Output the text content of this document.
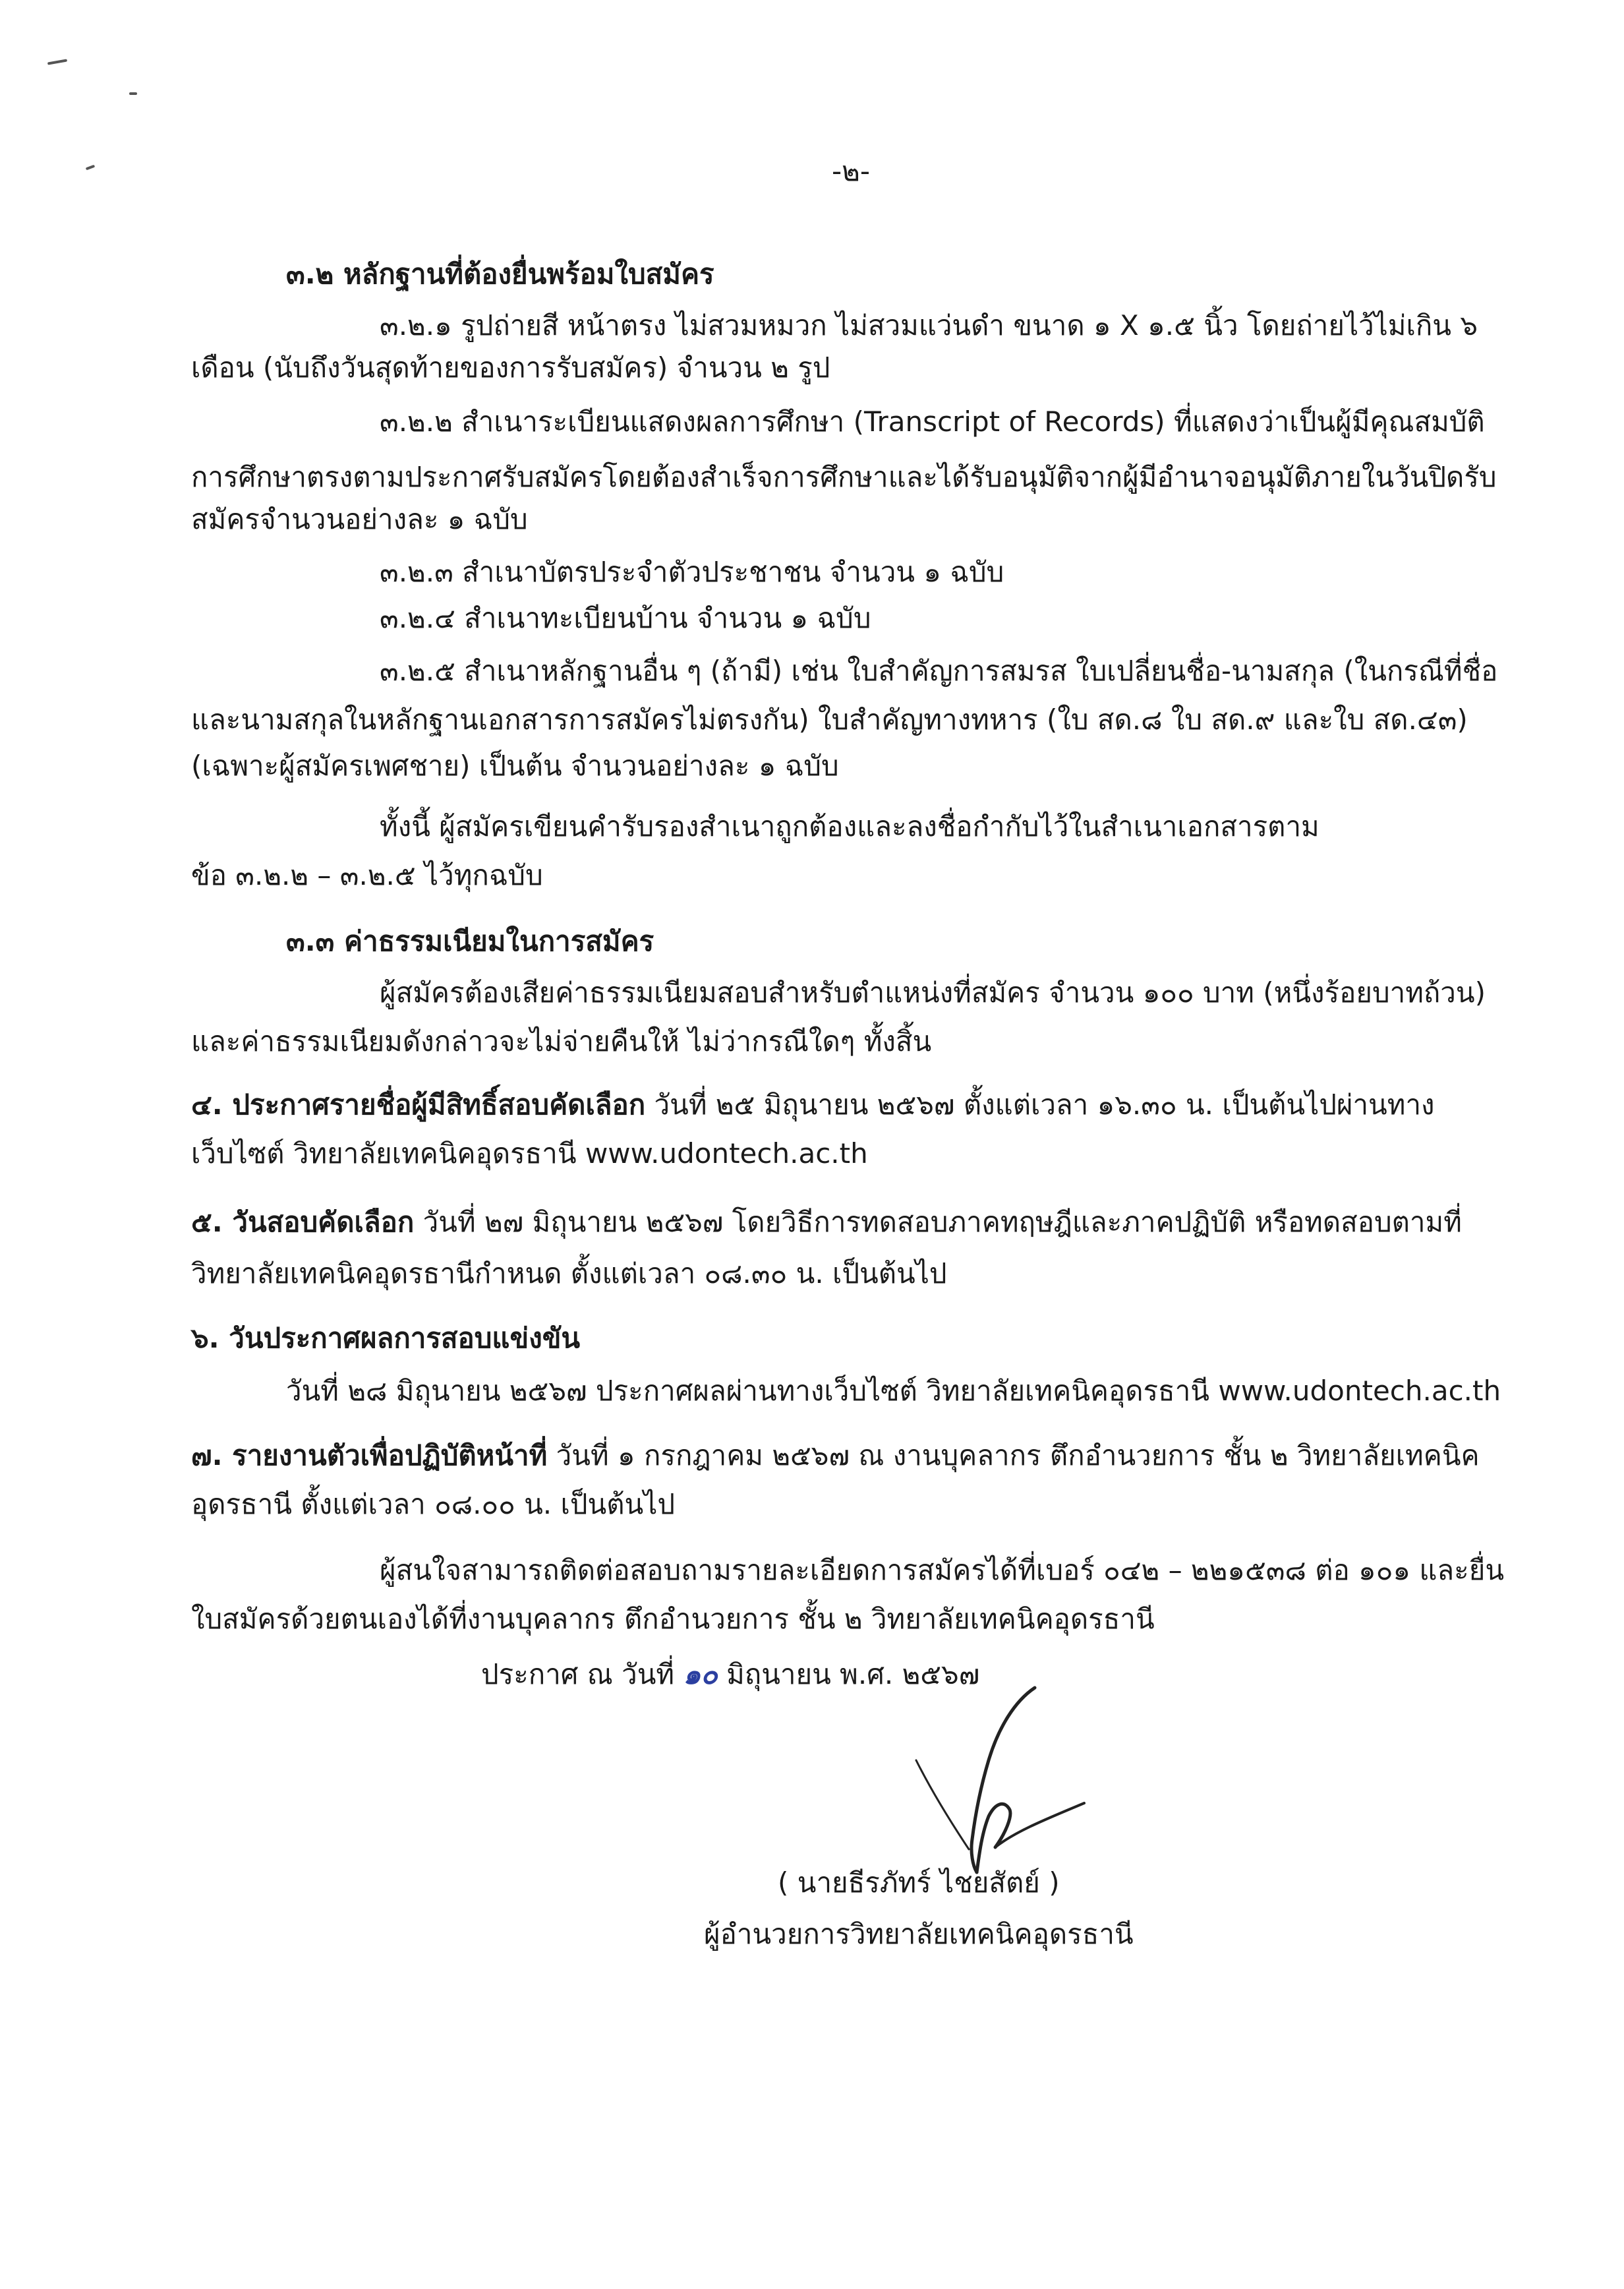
-๒-
๓.๒ หลักฐานที่ต้องยื่นพร้อมใบสมัคร
๓.๒.๑ รูปถ่ายสี หน้าตรง ไม่สวมหมวก ไม่สวมแว่นดำ ขนาด ๑ X ๑.๕ นิ้ว โดยถ่ายไว้ไม่เกิน ๖
เดือน (นับถึงวันสุดท้ายของการรับสมัคร) จำนวน ๒ รูป
๓.๒.๒ สำเนาระเบียนแสดงผลการศึกษา (Transcript of Records) ที่แสดงว่าเป็นผู้มีคุณสมบัติ
การศึกษาตรงตามประกาศรับสมัครโดยต้องสำเร็จการศึกษาและได้รับอนุมัติจากผู้มีอำนาจอนุมัติภายในวันปิดรับ
สมัครจำนวนอย่างละ ๑ ฉบับ
๓.๒.๓ สำเนาบัตรประจำตัวประชาชน จำนวน ๑ ฉบับ
๓.๒.๔ สำเนาทะเบียนบ้าน จำนวน ๑ ฉบับ
๓.๒.๕ สำเนาหลักฐานอื่น ๆ (ถ้ามี) เช่น ใบสำคัญการสมรส ใบเปลี่ยนชื่อ-นามสกุล (ในกรณีที่ชื่อ
และนามสกุลในหลักฐานเอกสารการสมัครไม่ตรงกัน) ใบสำคัญทางทหาร (ใบ สด.๘ ใบ สด.๙ และใบ สด.๔๓)
(เฉพาะผู้สมัครเพศชาย) เป็นต้น จำนวนอย่างละ ๑ ฉบับ
ทั้งนี้ ผู้สมัครเขียนคำรับรองสำเนาถูกต้องและลงชื่อกำกับไว้ในสำเนาเอกสารตาม
ข้อ ๓.๒.๒ – ๓.๒.๕ ไว้ทุกฉบับ
๓.๓ ค่าธรรมเนียมในการสมัคร
ผู้สมัครต้องเสียค่าธรรมเนียมสอบสำหรับตำแหน่งที่สมัคร จำนวน ๑๐๐ บาท (หนึ่งร้อยบาทถ้วน)
และค่าธรรมเนียมดังกล่าวจะไม่จ่ายคืนให้ ไม่ว่ากรณีใดๆ ทั้งสิ้น
๔. ประกาศรายชื่อผู้มีสิทธิ์สอบคัดเลือก วันที่ ๒๕ มิถุนายน ๒๕๖๗ ตั้งแต่เวลา ๑๖.๓๐ น. เป็นต้นไปผ่านทาง
เว็บไซต์ วิทยาลัยเทคนิคอุดรธานี www.udontech.ac.th
๕. วันสอบคัดเลือก วันที่ ๒๗ มิถุนายน ๒๕๖๗ โดยวิธีการทดสอบภาคทฤษฎีและภาคปฏิบัติ หรือทดสอบตามที่
วิทยาลัยเทคนิคอุดรธานีกำหนด ตั้งแต่เวลา ๐๘.๓๐ น. เป็นต้นไป
๖. วันประกาศผลการสอบแข่งขัน
วันที่ ๒๘ มิถุนายน ๒๕๖๗ ประกาศผลผ่านทางเว็บไซต์ วิทยาลัยเทคนิคอุดรธานี www.udontech.ac.th
๗. รายงานตัวเพื่อปฏิบัติหน้าที่ วันที่ ๑ กรกฎาคม ๒๕๖๗ ณ งานบุคลากร ตึกอำนวยการ ชั้น ๒ วิทยาลัยเทคนิค
อุดรธานี ตั้งแต่เวลา ๐๘.๐๐ น. เป็นต้นไป
ผู้สนใจสามารถติดต่อสอบถามรายละเอียดการสมัครได้ที่เบอร์ ๐๔๒ – ๒๒๑๕๓๘ ต่อ ๑๐๑ และยื่น
ใบสมัครด้วยตนเองได้ที่งานบุคลากร ตึกอำนวยการ ชั้น ๒ วิทยาลัยเทคนิคอุดรธานี
ประกาศ ณ วันที่ ๑๐ มิถุนายน พ.ศ. ๒๕๖๗
( นายธีรภัทร์ ไชยสัตย์ )
ผู้อำนวยการวิทยาลัยเทคนิคอุดรธานี
